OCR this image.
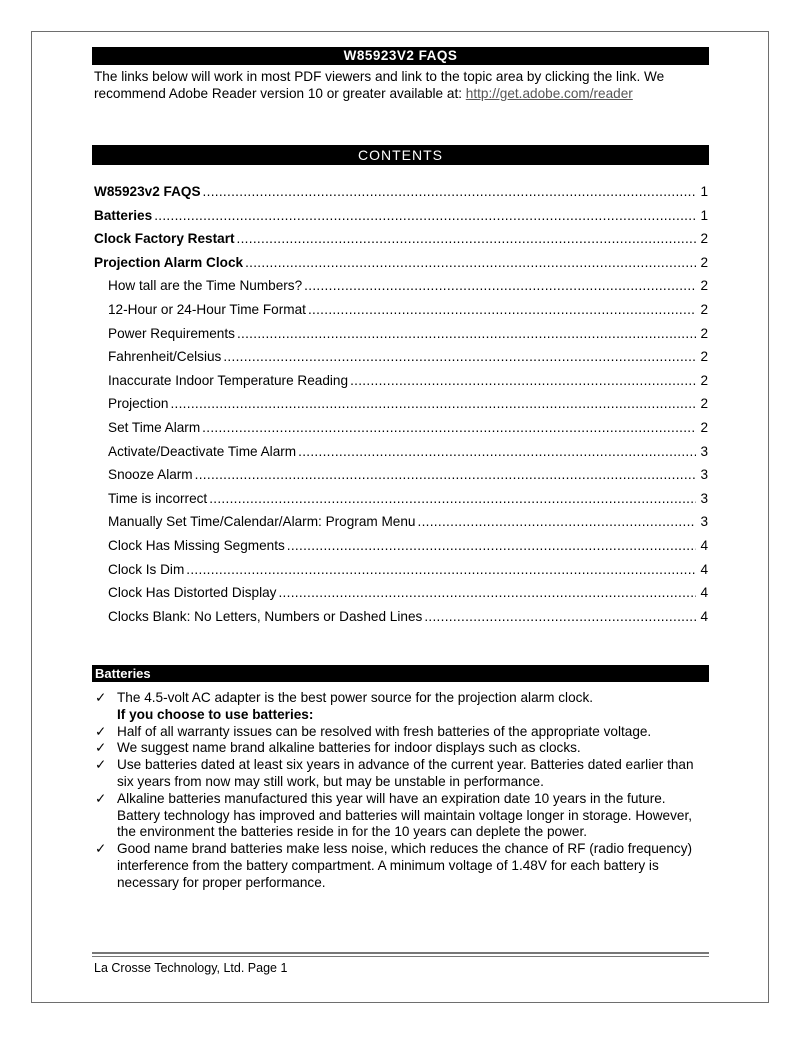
W85923V2 FAQS
The links below will work in most PDF viewers and link to the topic area by clicking the link. We recommend Adobe Reader version 10 or greater available at: http://get.adobe.com/reader
CONTENTS
W85923v2 FAQS .....	1
Batteries .....	1
Clock Factory Restart .....	2
Projection Alarm Clock .....	2
How tall are the Time Numbers? .....	2
12-Hour or 24-Hour Time Format .....	2
Power Requirements .....	2
Fahrenheit/Celsius .....	2
Inaccurate Indoor Temperature Reading .....	2
Projection .....	2
Set Time Alarm .....	2
Activate/Deactivate Time Alarm .....	3
Snooze Alarm .....	3
Time is incorrect .....	3
Manually Set Time/Calendar/Alarm: Program Menu .....	3
Clock Has Missing Segments .....	4
Clock Is Dim .....	4
Clock Has Distorted Display .....	4
Clocks Blank: No Letters, Numbers or Dashed Lines .....	4
Batteries
✓ The 4.5-volt AC adapter is the best power source for the projection alarm clock.
If you choose to use batteries:
✓ Half of all warranty issues can be resolved with fresh batteries of the appropriate voltage.
✓ We suggest name brand alkaline batteries for indoor displays such as clocks.
✓ Use batteries dated at least six years in advance of the current year. Batteries dated earlier than six years from now may still work, but may be unstable in performance.
✓ Alkaline batteries manufactured this year will have an expiration date 10 years in the future. Battery technology has improved and batteries will maintain voltage longer in storage. However, the environment the batteries reside in for the 10 years can deplete the power.
✓ Good name brand batteries make less noise, which reduces the chance of RF (radio frequency) interference from the battery compartment. A minimum voltage of 1.48V for each battery is necessary for proper performance.
La Crosse Technology, Ltd. Page 1
